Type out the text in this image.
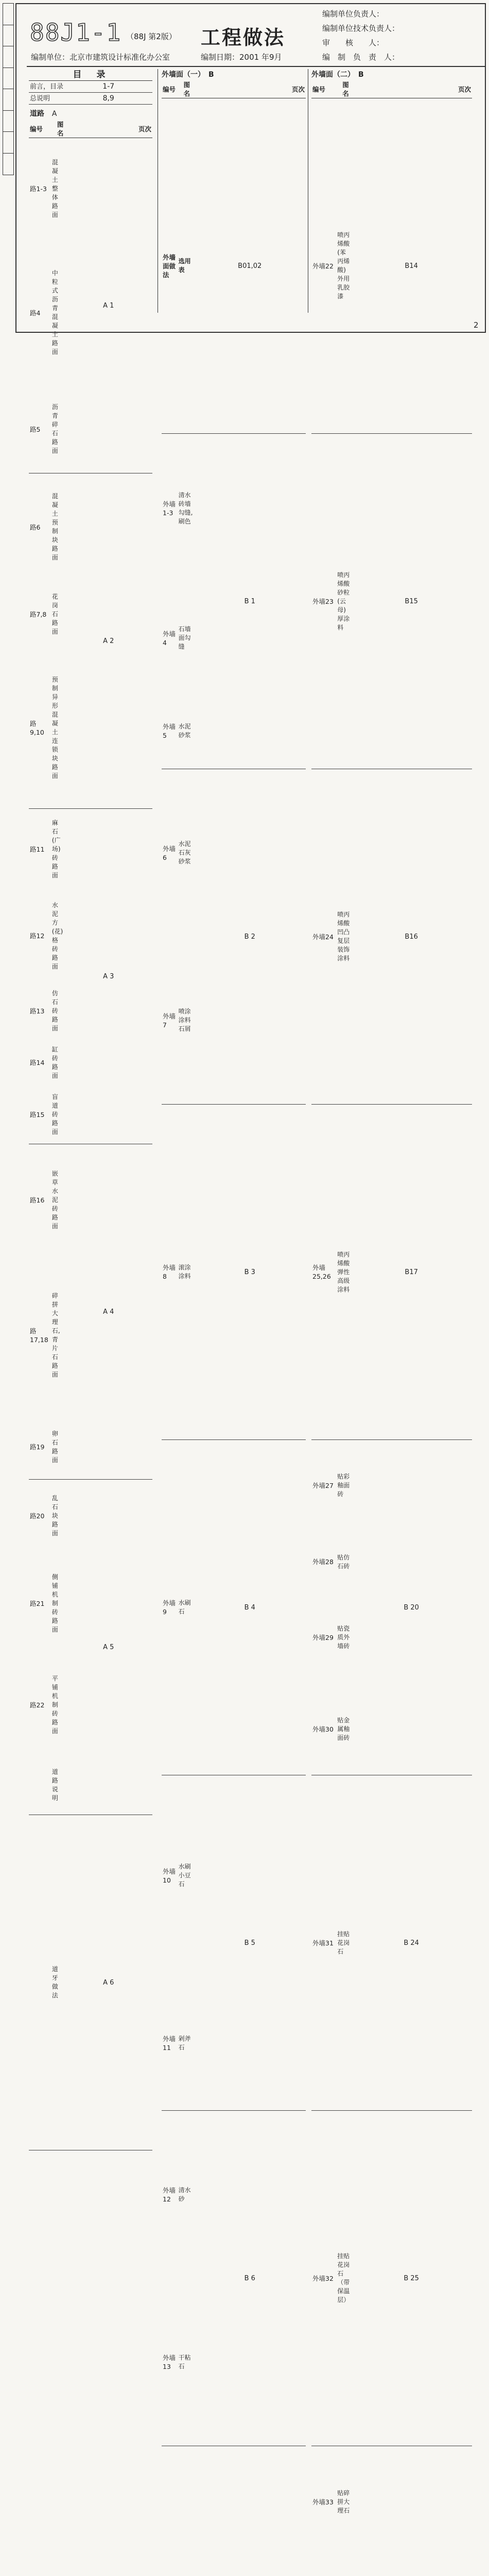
88J1-1 （88J 第2版） 工程做法
编制单位：北京市建筑设计标准化办公室	编制日期：2001 年9月
编制单位负责人：
编制单位技术负责人：
审　　核　　人：
编　制　负　责　人：
目　录
前言，目录		1-7
总说明		8,9
道路	A	
编号	图名	页次
路1-3	混凝土整体路面	A 1
路4	中粒式沥青混凝土路面	
路5	沥青碎石路面	
路6	混凝土预制块路面	A 2
路7,8	花岗石路面	
路9,10	预制异形混凝土连锁块路面	
路11	麻石(广场)砖路面	A 3
路12	水泥方(花)格砖路面	
路13	仿石砖路面	
路14	缸砖路面	
路15	盲道砖路面	
路16	嵌草水泥砖路面	A 4
路17,18	碎拼大理石,青片石路面	
路19	卵石路面	
路20	乱石块路面	A 5
路21	侧铺机制砖路面	
路22	平铺机制砖路面	
	道路说明	
	道牙做法	A 6
外墙面（一）　B
编号	图名	页次
外墙面做法	选用表	B01,02
外墙1-3	清水砖墙勾缝,刷色	B 1
外墙4	石墙面勾缝	
外墙5	水泥砂浆	
外墙6	水泥石灰砂浆	B 2
外墙7	喷涂涂料石屑	
外墙8	滚涂涂料	B 3
外墙9	水刷石	B 4
外墙10	水刷小豆石	B 5
外墙11	剁斧石	
外墙12	清水砂	B 6
外墙13	干粘石	

外墙面（二）　B
编号	图名	页次
外墙22	喷丙烯酸(苯丙烯酸)外用乳胶漆	B14
外墙23	喷丙烯酸砂粒(云母)厚涂料	B15
外墙24	喷丙烯酸凹凸复层装饰涂料	B16
外墙25,26	喷丙烯酸弹性高级涂料	B17
外墙27	贴彩釉面砖	B 20
外墙28	贴仿石砖	
外墙29	贴瓷质外墙砖	
外墙30	贴金属釉面砖	
外墙31	挂贴花岗石	B 24
外墙32	挂贴花岗石（带保温层）	B 25
外墙33	贴碎拼大理石	

2
